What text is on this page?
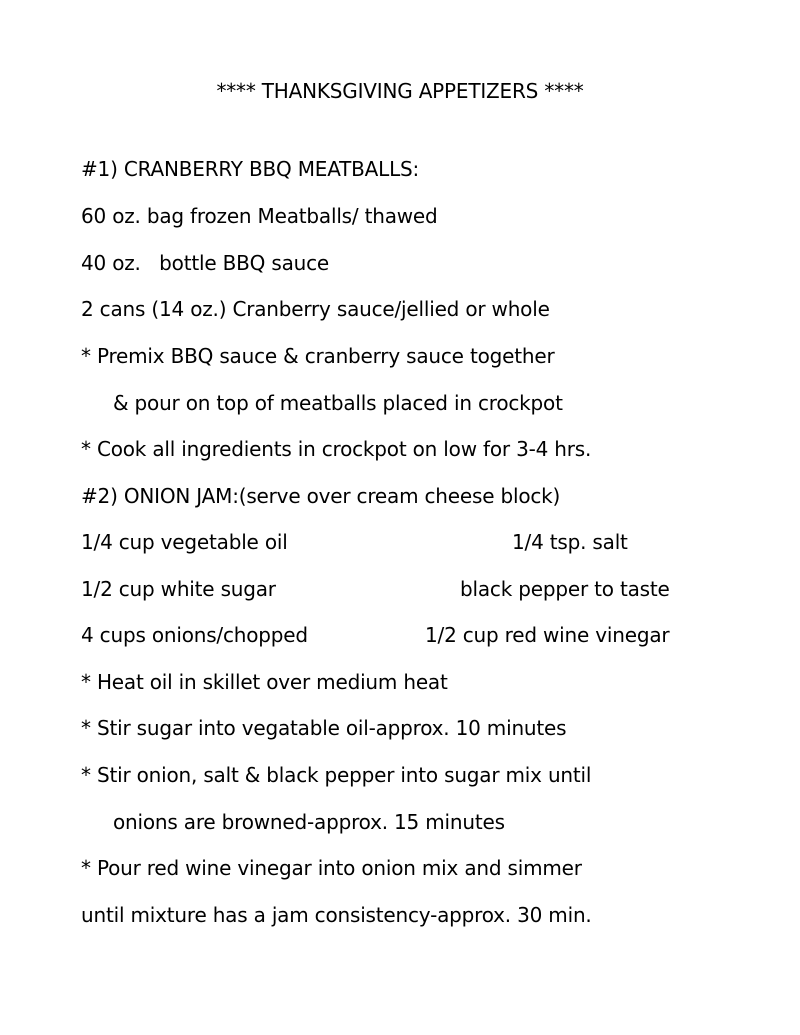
**** THANKSGIVING APPETIZERS ****
#1) CRANBERRY BBQ MEATBALLS:
60 oz. bag frozen Meatballs/ thawed
40 oz.   bottle BBQ sauce
2 cans (14 oz.) Cranberry sauce/jellied or whole
* Premix BBQ sauce & cranberry sauce together
& pour on top of meatballs placed in crockpot
* Cook all ingredients in crockpot on low for 3-4 hrs.
#2) ONION JAM:(serve over cream cheese block)
1/4 cup vegetable oil	1/4 tsp. salt
1/2 cup white sugar	black pepper to taste
4 cups onions/chopped	1/2 cup red wine vinegar
* Heat oil in skillet over medium heat
* Stir sugar into vegatable oil-approx. 10 minutes
* Stir onion, salt & black pepper into sugar mix until
onions are browned-approx. 15 minutes
* Pour red wine vinegar into onion mix and simmer
until mixture has a jam consistency-approx. 30 min.
